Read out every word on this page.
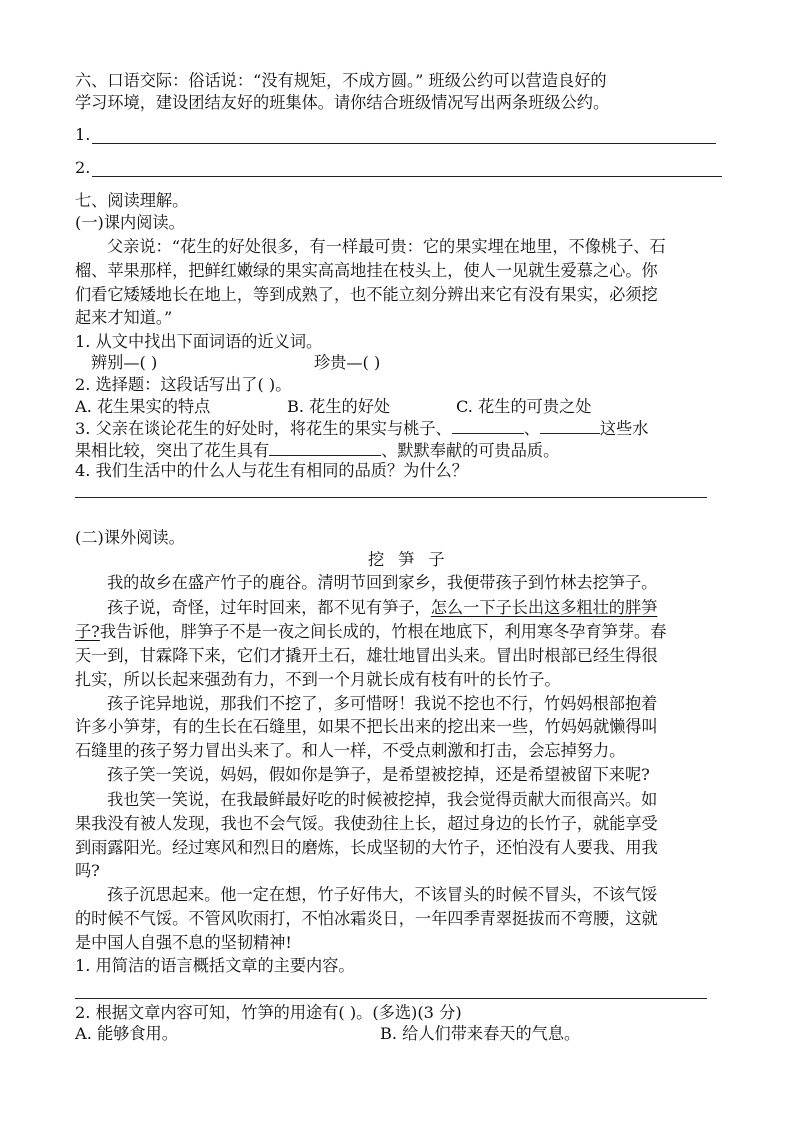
六、口语交际：俗话说：“没有规矩，不成方圆。” 班级公约可以营造良好的
学习环境，建设团结友好的班集体。请你结合班级情况写出两条班级公约。
1.
2.
七、阅读理解。
(一)课内阅读。
父亲说：“花生的好处很多，有一样最可贵：它的果实埋在地里，不像桃子、石
榴、苹果那样，把鲜红嫩绿的果实高高地挂在枝头上，使人一见就生爱慕之心。你
们看它矮矮地长在地上，等到成熟了，也不能立刻分辨出来它有没有果实，必须挖
起来才知道。”
1. 从文中找出下面词语的近义词。
辨别—( )	珍贵—( )
2. 选择题：这段话写出了( )。
A. 花生果实的特点	B. 花生的好处	C. 花生的可贵之处
3. 父亲在谈论花生的好处时，将花生的果实与桃子、	、	这些水
果相比较，突出了花生具有	、默默奉献的可贵品质。
4. 我们生活中的什么人与花生有相同的品质？为什么？
(二)课外阅读。
挖笋子
我的故乡在盛产竹子的鹿谷。清明节回到家乡，我便带孩子到竹林去挖笋子。
孩子说，奇怪，过年时回来，都不见有笋子，怎么一下子长出这多粗壮的胖笋
子?我告诉他，胖笋子不是一夜之间长成的，竹根在地底下，利用寒冬孕育笋芽。春
天一到，甘霖降下来，它们才撬开土石，雄壮地冒出头来。冒出时根部已经生得很
扎实，所以长起来强劲有力，不到一个月就长成有枝有叶的长竹子。
孩子诧异地说，那我们不挖了，多可惜呀！我说不挖也不行，竹妈妈根部抱着
许多小笋芽，有的生长在石缝里，如果不把长出来的挖出来一些，竹妈妈就懒得叫
石缝里的孩子努力冒出头来了。和人一样，不受点刺激和打击，会忘掉努力。
孩子笑一笑说，妈妈，假如你是笋子，是希望被挖掉，还是希望被留下来呢?
我也笑一笑说，在我最鲜最好吃的时候被挖掉，我会觉得贡献大而很高兴。如
果我没有被人发现，我也不会气馁。我使劲往上长，超过身边的长竹子，就能享受
到雨露阳光。经过寒风和烈日的磨炼，长成坚韧的大竹子，还怕没有人要我、用我
吗?
孩子沉思起来。他一定在想，竹子好伟大，不该冒头的时候不冒头，不该气馁
的时候不气馁。不管风吹雨打，不怕冰霜炎日，一年四季青翠挺拔而不弯腰，这就
是中国人自强不息的坚韧精神!
1. 用简洁的语言概括文章的主要内容。
2. 根据文章内容可知，竹笋的用途有( )。(多选)(3 分)
A. 能够食用。	B. 给人们带来春天的气息。
